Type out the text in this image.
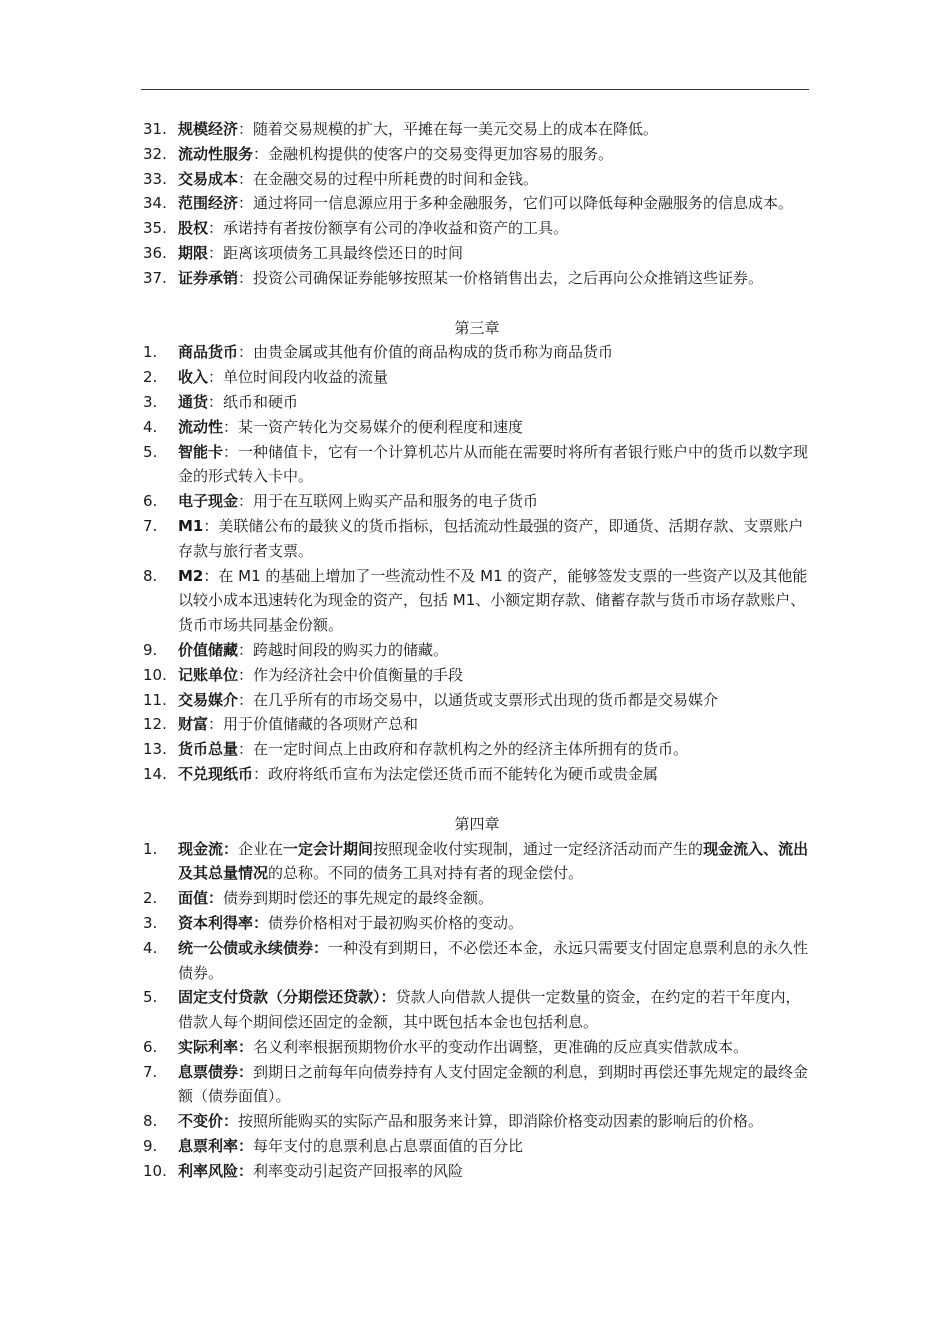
31. 规模经济：随着交易规模的扩大，平摊在每一美元交易上的成本在降低。
32. 流动性服务：金融机构提供的使客户的交易变得更加容易的服务。
33. 交易成本：在金融交易的过程中所耗费的时间和金钱。
34. 范围经济：通过将同一信息源应用于多种金融服务，它们可以降低每种金融服务的信息成本。
35. 股权：承诺持有者按份额享有公司的净收益和资产的工具。
36. 期限：距离该项债务工具最终偿还日的时间
37. 证券承销：投资公司确保证券能够按照某一价格销售出去，之后再向公众推销这些证券。

第三章

1.	商品货币：由贵金属或其他有价值的商品构成的货币称为商品货币
2.	收入：单位时间段内收益的流量
3.	通货：纸币和硬币
4.	流动性：某一资产转化为交易媒介的便利程度和速度
5.	智能卡：一种储值卡，它有一个计算机芯片从而能在需要时将所有者银行账户中的货币以数字现金的形式转入卡中。
6.	电子现金：用于在互联网上购买产品和服务的电子货币
7.	M1：美联储公布的最狭义的货币指标，包括流动性最强的资产，即通货、活期存款、支票账户存款与旅行者支票。
8.	M2：在 M1 的基础上增加了一些流动性不及 M1 的资产，能够签发支票的一些资产以及其他能以较小成本迅速转化为现金的资产，包括 M1、小额定期存款、储蓄存款与货币市场存款账户、货币市场共同基金份额。
9.	价值储藏：跨越时间段的购买力的储藏。
10. 记账单位：作为经济社会中价值衡量的手段
11. 交易媒介：在几乎所有的市场交易中，以通货或支票形式出现的货币都是交易媒介
12. 财富：用于价值储藏的各项财产总和
13. 货币总量：在一定时间点上由政府和存款机构之外的经济主体所拥有的货币。
14. 不兑现纸币：政府将纸币宣布为法定偿还货币而不能转化为硬币或贵金属

第四章

1.	现金流：企业在一定会计期间按照现金收付实现制，通过一定经济活动而产生的现金流入、流出及其总量情况的总称。不同的债务工具对持有者的现金偿付。
2.	面值：债券到期时偿还的事先规定的最终金额。
3.	资本利得率：债券价格相对于最初购买价格的变动。
4.	统一公债或永续债券：一种没有到期日，不必偿还本金，永远只需要支付固定息票利息的永久性债券。
5.	固定支付贷款（分期偿还贷款）：贷款人向借款人提供一定数量的资金，在约定的若干年度内，借款人每个期间偿还固定的金额，其中既包括本金也包括利息。
6.	实际利率：名义利率根据预期物价水平的变动作出调整，更准确的反应真实借款成本。
7.	息票债券：到期日之前每年向债券持有人支付固定金额的利息，到期时再偿还事先规定的最终金额（债券面值）。
8.	不变价：按照所能购买的实际产品和服务来计算，即消除价格变动因素的影响后的价格。
9.	息票利率：每年支付的息票利息占息票面值的百分比
10. 利率风险：利率变动引起资产回报率的风险
